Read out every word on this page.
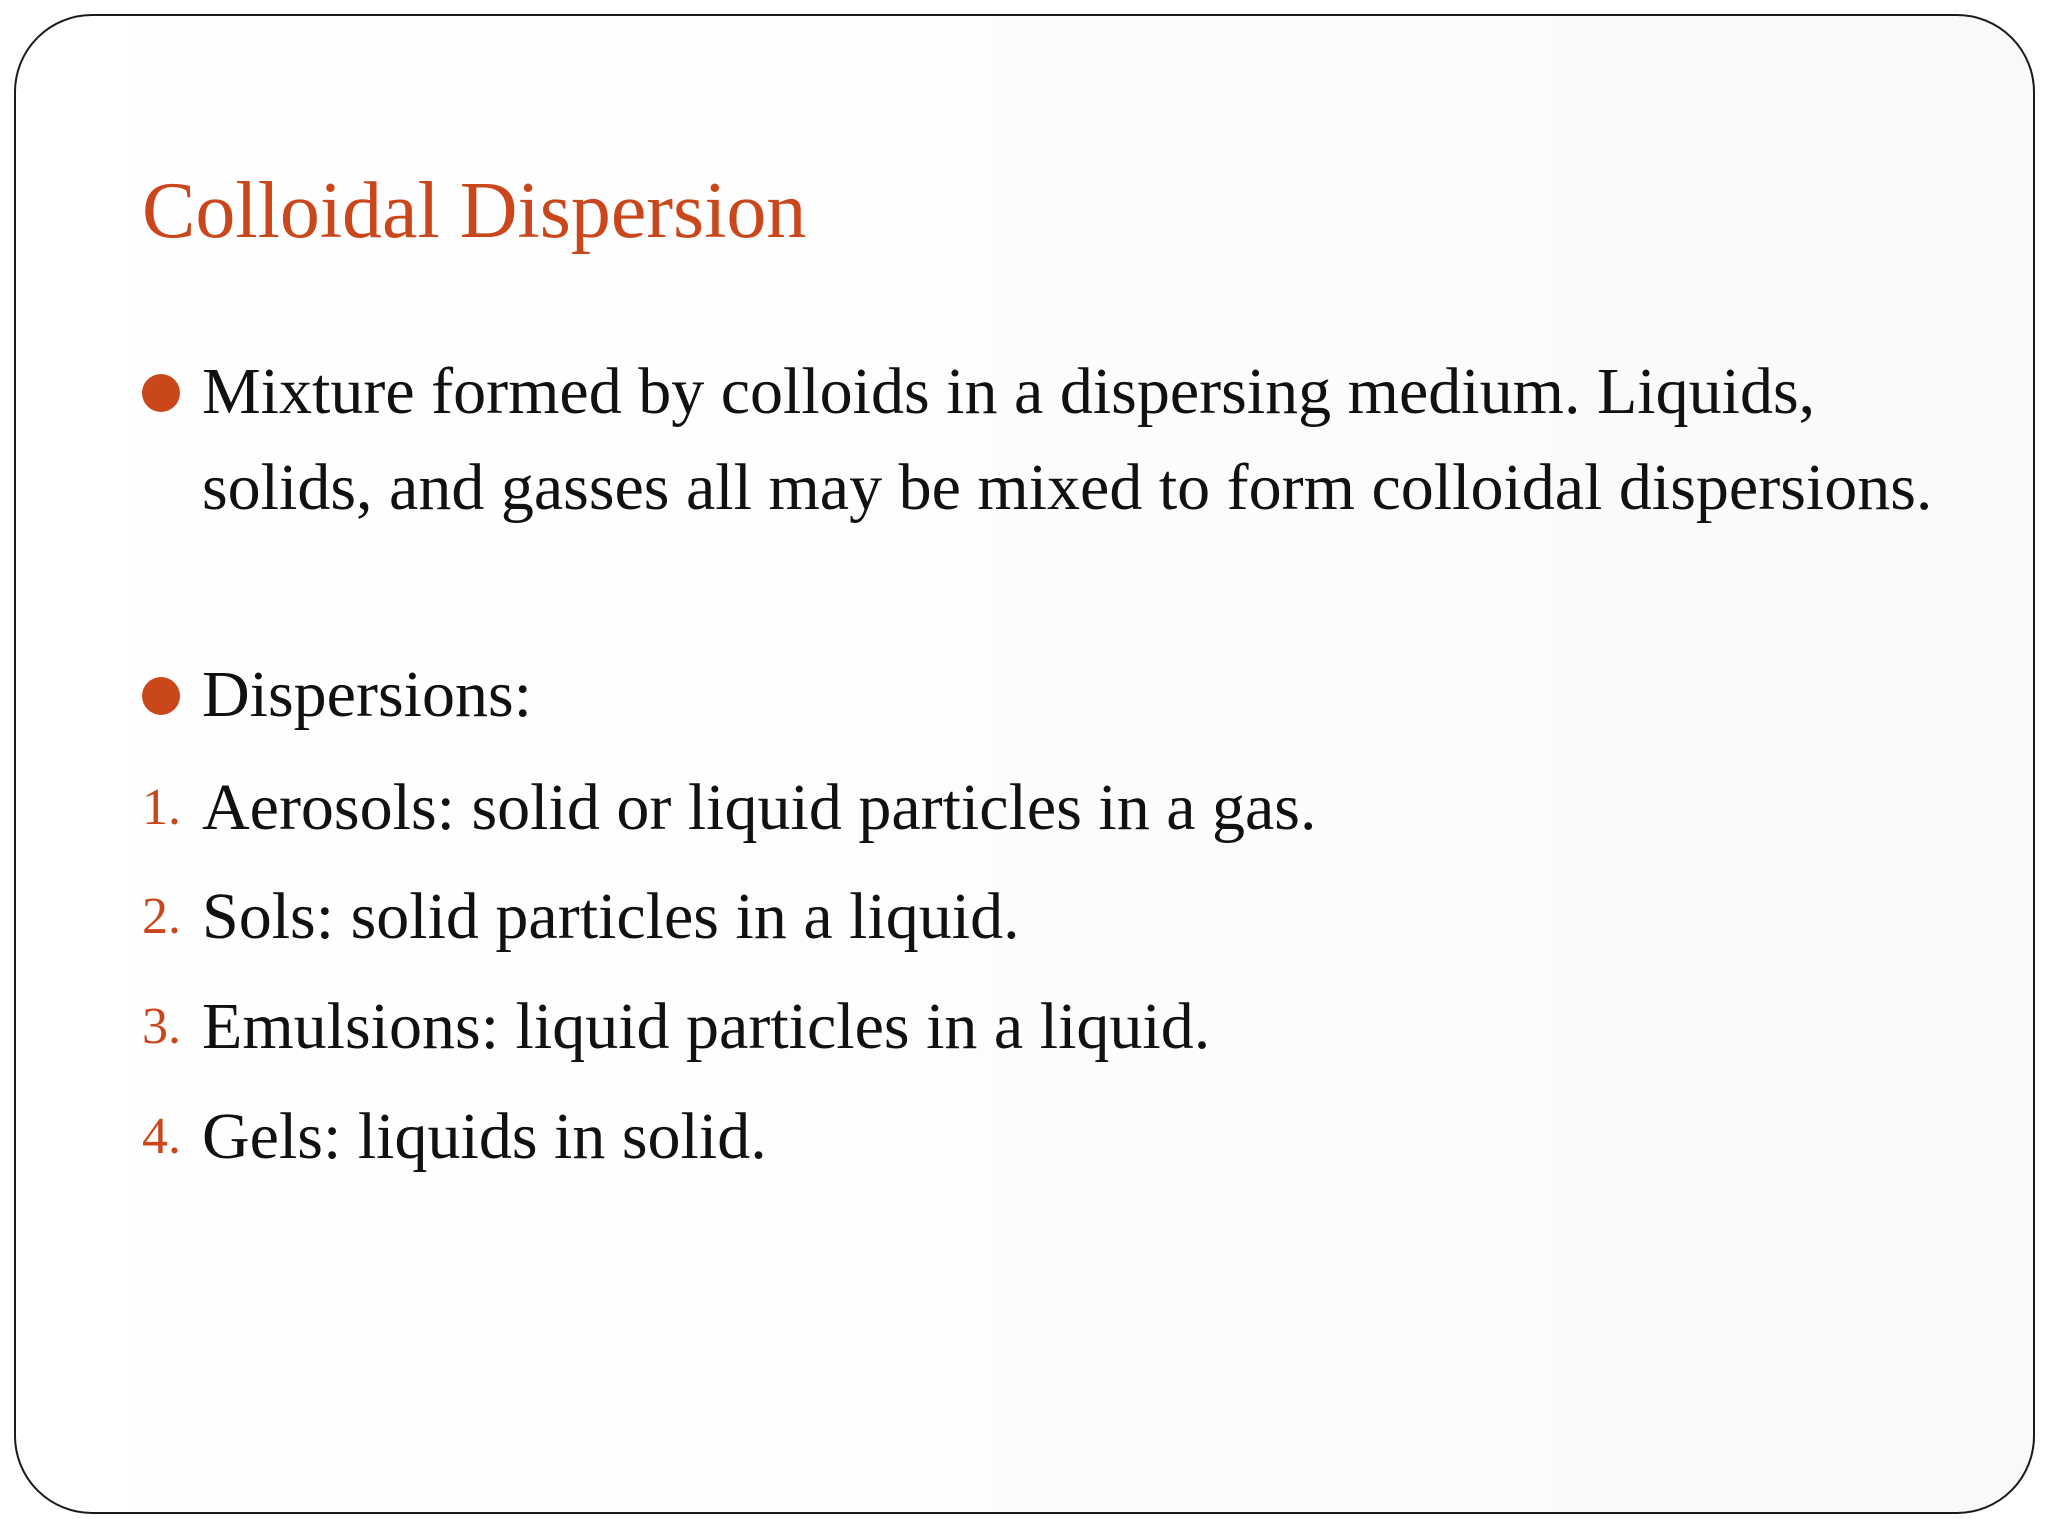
Colloidal Dispersion
Mixture formed by colloids in a dispersing medium. Liquids, solids, and gasses all may be mixed to form colloidal dispersions.
Dispersions:
1. Aerosols: solid or liquid particles in a gas.
2. Sols: solid particles in a liquid.
3. Emulsions: liquid particles in a liquid.
4. Gels: liquids in solid.
